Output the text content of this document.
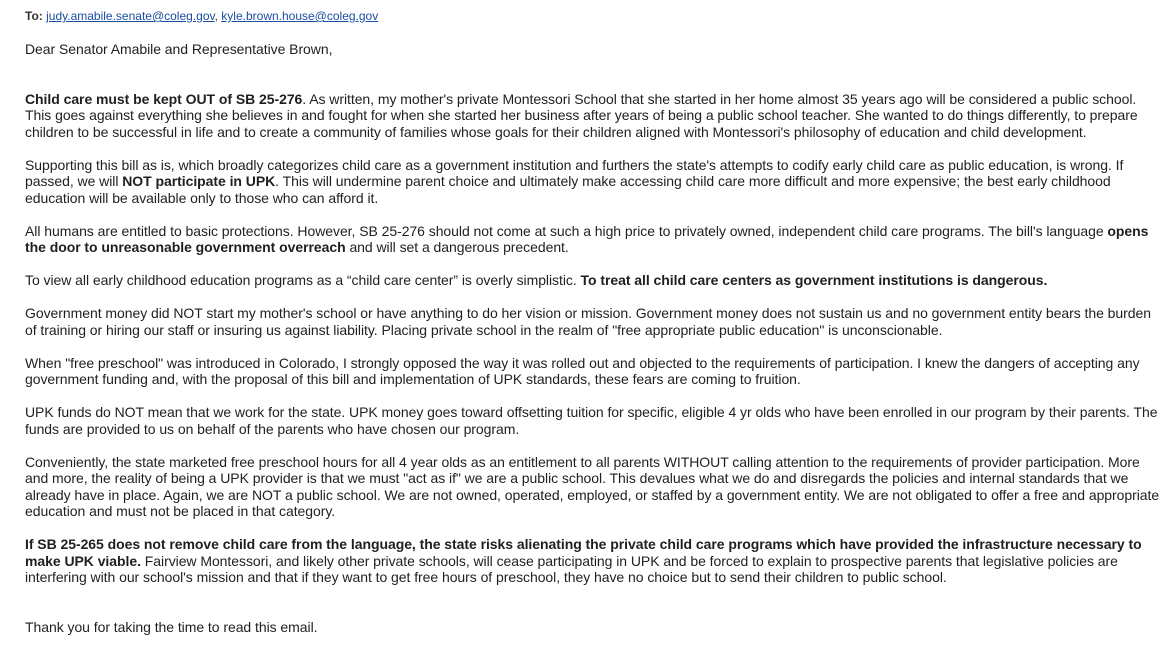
To: judy.amabile.senate@coleg.gov, kyle.brown.house@coleg.gov

Dear Senator Amabile and Representative Brown,

Child care must be kept OUT of SB 25-276. As written, my mother's private Montessori School that she started in her home almost 35 years ago will be considered a public school. This goes against everything she believes in and fought for when she started her business after years of being a public school teacher. She wanted to do things differently, to prepare children to be successful in life and to create a community of families whose goals for their children aligned with Montessori's philosophy of education and child development.

Supporting this bill as is, which broadly categorizes child care as a government institution and furthers the state's attempts to codify early child care as public education, is wrong. If passed, we will NOT participate in UPK. This will undermine parent choice and ultimately make accessing child care more difficult and more expensive; the best early childhood education will be available only to those who can afford it.

All humans are entitled to basic protections. However, SB 25-276 should not come at such a high price to privately owned, independent child care programs. The bill's language opens the door to unreasonable government overreach and will set a dangerous precedent.

To view all early childhood education programs as a “child care center” is overly simplistic. To treat all child care centers as government institutions is dangerous.

Government money did NOT start my mother's school or have anything to do her vision or mission. Government money does not sustain us and no government entity bears the burden of training or hiring our staff or insuring us against liability. Placing private school in the realm of "free appropriate public education" is unconscionable.

When "free preschool" was introduced in Colorado, I strongly opposed the way it was rolled out and objected to the requirements of participation. I knew the dangers of accepting any government funding and, with the proposal of this bill and implementation of UPK standards, these fears are coming to fruition.

UPK funds do NOT mean that we work for the state. UPK money goes toward offsetting tuition for specific, eligible 4 yr olds who have been enrolled in our program by their parents. The funds are provided to us on behalf of the parents who have chosen our program.

Conveniently, the state marketed free preschool hours for all 4 year olds as an entitlement to all parents WITHOUT calling attention to the requirements of provider participation. More and more, the reality of being a UPK provider is that we must "act as if" we are a public school. This devalues what we do and disregards the policies and internal standards that we already have in place. Again, we are NOT a public school. We are not owned, operated, employed, or staffed by a government entity. We are not obligated to offer a free and appropriate education and must not be placed in that category.

If SB 25-265 does not remove child care from the language, the state risks alienating the private child care programs which have provided the infrastructure necessary to make UPK viable. Fairview Montessori, and likely other private schools, will cease participating in UPK and be forced to explain to prospective parents that legislative policies are interfering with our school's mission and that if they want to get free hours of preschool, they have no choice but to send their children to public school.

Thank you for taking the time to read this email.
